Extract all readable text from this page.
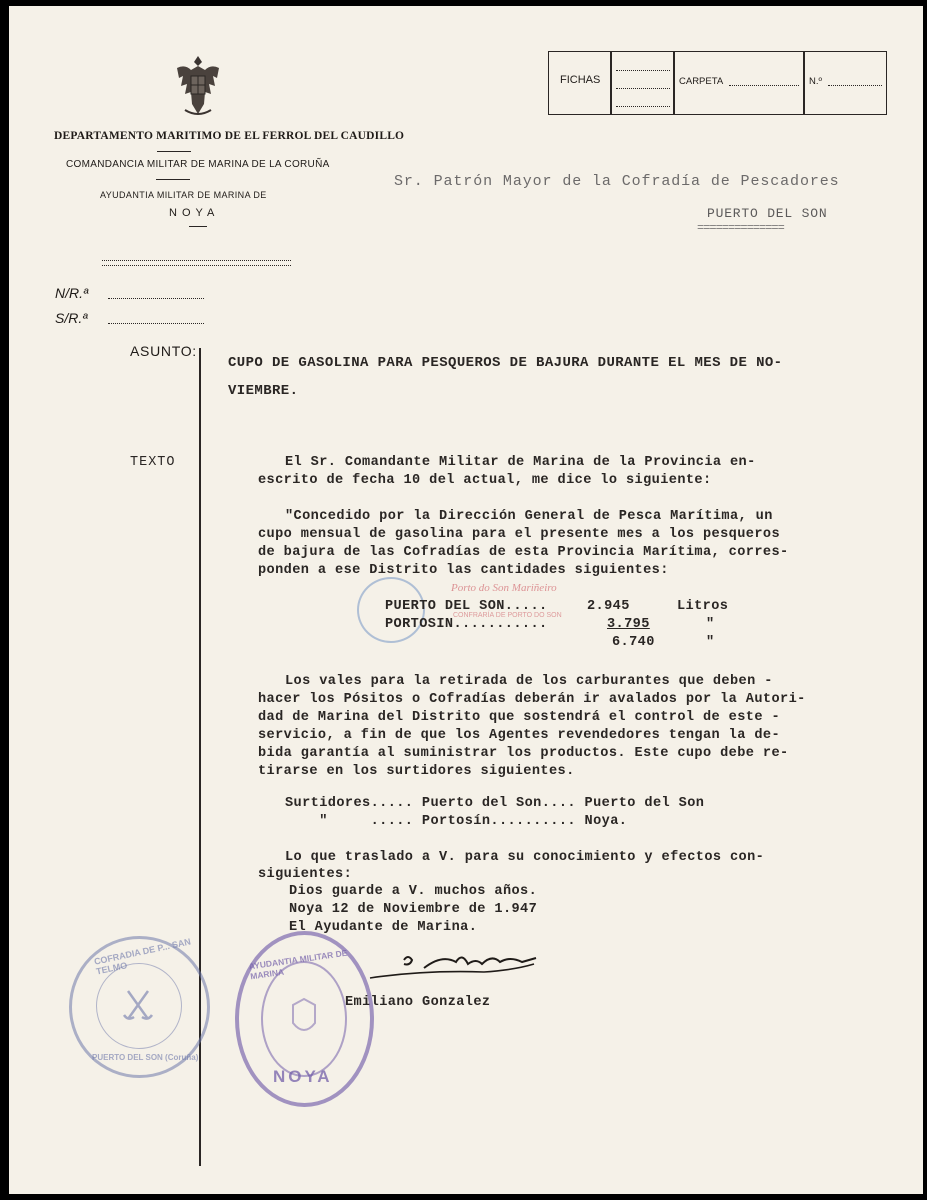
DEPARTAMENTO MARITIMO DE EL FERROL DEL CAUDILLO
COMANDANCIA MILITAR DE MARINA DE LA CORUÑA
AYUDANTIA MILITAR DE MARINA DE
NOYA
FICHAS	CARPETA	N.º
Sr. Patrón Mayor de la Cofradía de Pescadores
PUERTO DEL SON
==============
N/R.ª
S/R.ª
ASUNTO:
CUPO DE GASOLINA PARA PESQUEROS DE BAJURA DURANTE EL MES DE NO-
VIEMBRE.
TEXTO	El Sr. Comandante Militar de Marina de la Provincia en-
escrito de fecha 10 del actual, me dice lo siguiente:
"Concedido por la Dirección General de Pesca Marítima, un
cupo mensual de gasolina para el presente mes a los pesqueros
de bajura de las Cofradías de esta Provincia Marítima, corres-
ponden a ese Distrito las cantidades siguientes:
Porto do Son Mariñeiro
CONFRARÍA DE PORTO DO SON
PUERTO DEL SON.....	2.945	Litros
PORTOSIN...........	3.795	"
6.740	"
Los vales para la retirada de los carburantes que deben -
hacer los Pósitos o Cofradías deberán ir avalados por la Autori-
dad de Marina del Distrito que sostendrá el control de este -
servicio, a fin de que los Agentes revendedores tengan la de-
bida garantía al suministrar los productos. Este cupo debe re-
tirarse en los surtidores siguientes.
Surtidores..... Puerto del Son.... Puerto del Son
"     ..... Portosín.......... Noya.
Lo que traslado a V. para su conocimiento y efectos con-
siguientes:
Dios guarde a V. muchos años.
Noya 12 de Noviembre de 1.947
El Ayudante de Marina.
Emiliano Gonzalez
COFRADIA DE P... SAN TELMO
PUERTO DEL SON (Coruña)
AYUDANTIA MILITAR DE MARINA
NOYA
